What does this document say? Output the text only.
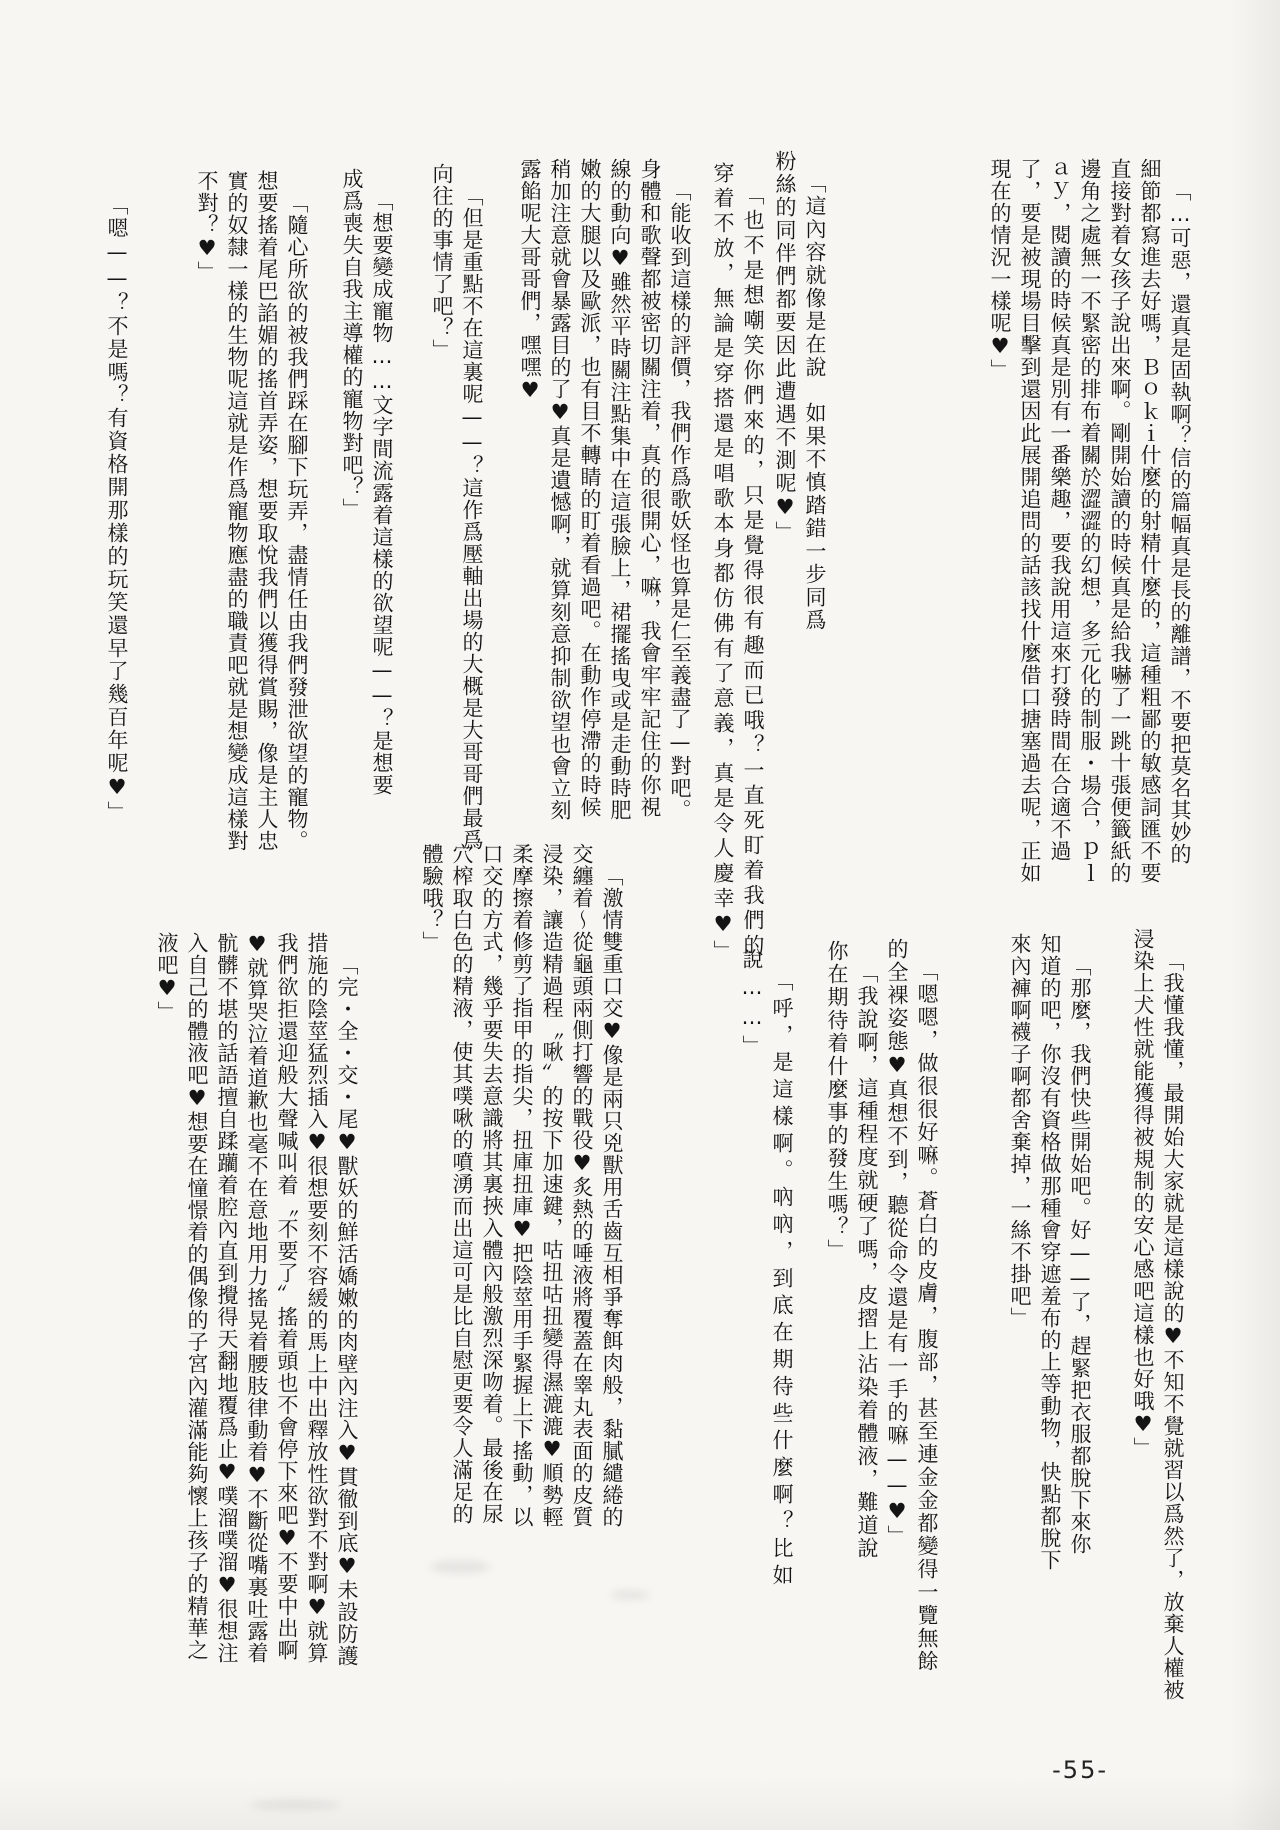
「…可惡，還真是固執啊？信的篇幅真是長的離譜，不要把莫名其妙的細節都寫進去好嗎，Ｂｏｋｉ什麼的射精什麼的，這種粗鄙的敏感詞匯不要直接對着女孩子說出來啊。剛開始讀的時候真是給我嚇了一跳十張便籤紙的邊角之處無一不緊密的排布着關於澀澀的幻想，多元化的制服・場合，ｐｌａｙ，閱讀的時候真是別有一番樂趣，要我說用這來打發時間在合適不過了，要是被現場目擊到還因此展開追問的話該找什麼借口搪塞過去呢，正如現在的情況一樣呢♥」
「這內容就像是在說　如果不慎踏錯一步同爲粉絲的同伴們都要因此遭遇不測呢♥」
「也不是想嘲笑你們來的，只是覺得很有趣而已哦？一直死盯着我們的穿着不放，無論是穿搭還是唱歌本身都仿佛有了意義，真是令人慶幸♥」
「能收到這樣的評價，我們作爲歌妖怪也算是仁至義盡了—對吧。身體和歌聲都被密切關注着，真的很開心，嘛，我會牢牢記住的你視線的動向♥雖然平時關注點集中在這張臉上，裙擺搖曳或是走動時肥嫩的大腿以及歐派，也有目不轉睛的盯着看過吧。在動作停滯的時候稍加注意就會暴露目的了♥真是遺憾啊，就算刻意抑制欲望也會立刻露餡呢大哥哥們，嘿嘿♥
「但是重點不在這裏呢——？這作爲壓軸出場的大概是大哥哥們最爲向往的事情了吧？」
「想要變成寵物……文字間流露着這樣的欲望呢——？是想要成爲喪失自我主導權的寵物對吧？」
「隨心所欲的被我們踩在腳下玩弄，盡情任由我們發泄欲望的寵物。想要搖着尾巴諂媚的搖首弄姿，想要取悅我們以獲得賞賜，像是主人忠實的奴隸一樣的生物呢這就是作爲寵物應盡的職責吧就是想變成這樣對不對？♥」
「嗯——？不是嗎？有資格開那樣的玩笑還早了幾百年呢♥」
「我懂我懂，最開始大家就是這樣說的♥不知不覺就習以爲然了，放棄人權被浸染上犬性就能獲得被規制的安心感吧這樣也好哦♥」
「那麼，我們快些開始吧。好——了，趕緊把衣服都脫下來你知道的吧，你沒有資格做那種會穿遮羞布的上等動物，快點都脫下來內褲啊襪子啊都舍棄掉，一絲不掛吧」
「嗯嗯，做很很好嘛。蒼白的皮膚，腹部，甚至連金金都變得一覽無餘的全裸姿態♥真想不到，聽從命令還是有一手的嘛——♥」
「我說啊，這種程度就硬了嗎，皮摺上沾染着體液，難道說你在期待着什麼事的發生嗎？」
「呼，是這樣啊。吶吶，到底在期待些什麼啊？比如說……」
「激情雙重口交♥像是兩只兇獸用舌齒互相爭奪餌肉般，黏膩繾綣的交纏着～從龜頭兩側打響的戰役♥炙熱的唾液將覆蓋在睾丸表面的皮質浸染，讓造精過程〝啾〟的按下加速鍵，咕扭咕扭變得濕漉漉♥順勢輕柔摩擦着修剪了指甲的指尖，扭庫扭庫♥把陰莖用手緊握上下搖動，以口交的方式，幾乎要失去意識將其裏挾入體內般激烈深吻着。最後在尿穴榨取白色的精液，使其噗啾的噴湧而出這可是比自慰更要令人滿足的體驗哦？」
「完・全・交・尾♥獸妖的鮮活嬌嫩的肉壁內注入♥貫徹到底♥未設防護措施的陰莖猛烈插入♥很想要刻不容緩的馬上中出釋放性欲對不對啊♥就算我們欲拒還迎般大聲喊叫着〝不要了〟搖着頭也不會停下來吧♥不要中出啊♥就算哭泣着道歉也毫不在意地用力搖晃着腰肢律動着♥不斷從嘴裏吐露着骯髒不堪的話語擅自蹂躪着腔內直到攪得天翻地覆爲止♥噗溜噗溜♥很想注入自己的體液吧♥想要在憧憬着的偶像的子宮內灌滿能夠懷上孩子的精華之液吧♥」
-55-
